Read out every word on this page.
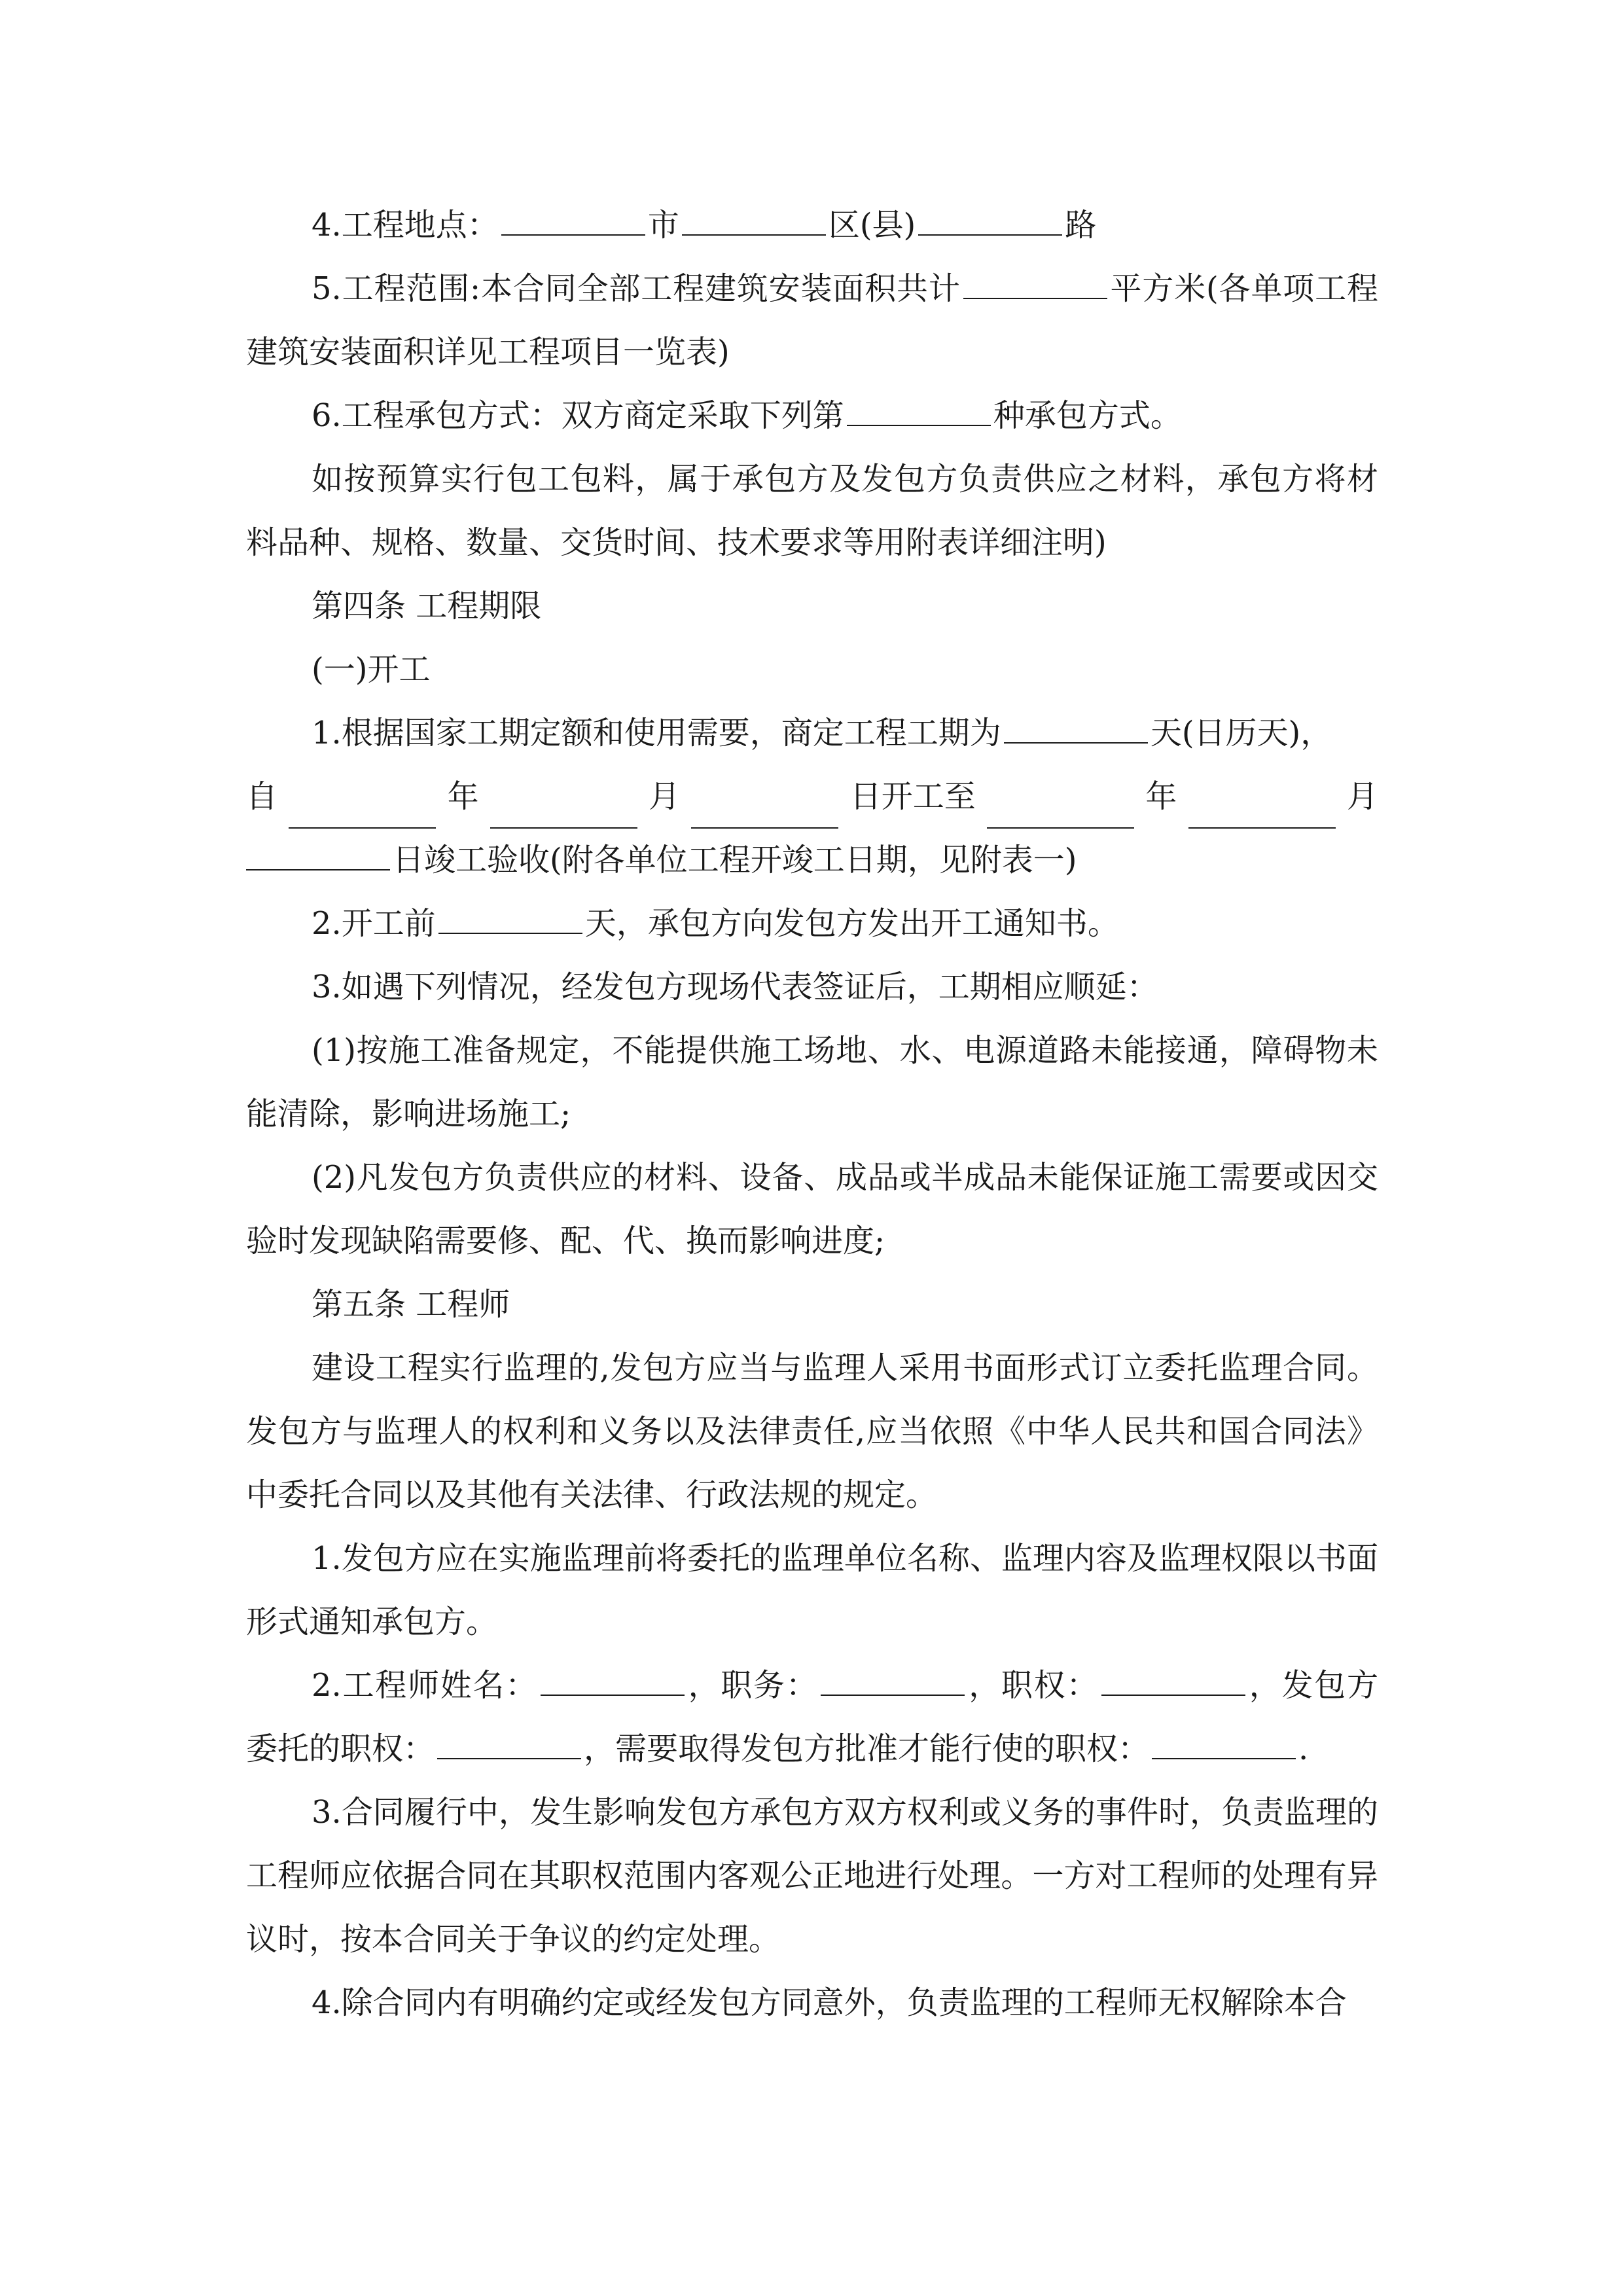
4.工程地点：	市	区(县)	路

5.工程范围:本合同全部工程建筑安装面积共计	平方米(各单项工程建筑安装面积详见工程项目一览表)

6.工程承包方式：双方商定采取下列第	种承包方式。

如按预算实行包工包料，属于承包方及发包方负责供应之材料，承包方将材料品种、规格、数量、交货时间、技术要求等用附表详细注明)

第四条 工程期限

(一)开工

1.根据国家工期定额和使用需要，商定工程工期为	天(日历天)，

自	年	月	日开工至	年	月

日竣工验收(附各单位工程开竣工日期，见附表一)

2.开工前	天，承包方向发包方发出开工通知书。

3.如遇下列情况，经发包方现场代表签证后，工期相应顺延：

(1)按施工准备规定，不能提供施工场地、水、电源道路未能接通，障碍物未能清除，影响进场施工;

(2)凡发包方负责供应的材料、设备、成品或半成品未能保证施工需要或因交验时发现缺陷需要修、配、代、换而影响进度;

第五条 工程师

建设工程实行监理的,发包方应当与监理人采用书面形式订立委托监理合同。发包方与监理人的权利和义务以及法律责任,应当依照《中华人民共和国合同法》中委托合同以及其他有关法律、行政法规的规定。

1.发包方应在实施监理前将委托的监理单位名称、监理内容及监理权限以书面形式通知承包方。

2.工程师姓名：	，职务：	，职权：	，发包方委托的职权：	，需要取得发包方批准才能行使的职权：	.

3.合同履行中，发生影响发包方承包方双方权利或义务的事件时，负责监理的工程师应依据合同在其职权范围内客观公正地进行处理。一方对工程师的处理有异议时，按本合同关于争议的约定处理。

4.除合同内有明确约定或经发包方同意外，负责监理的工程师无权解除本合
